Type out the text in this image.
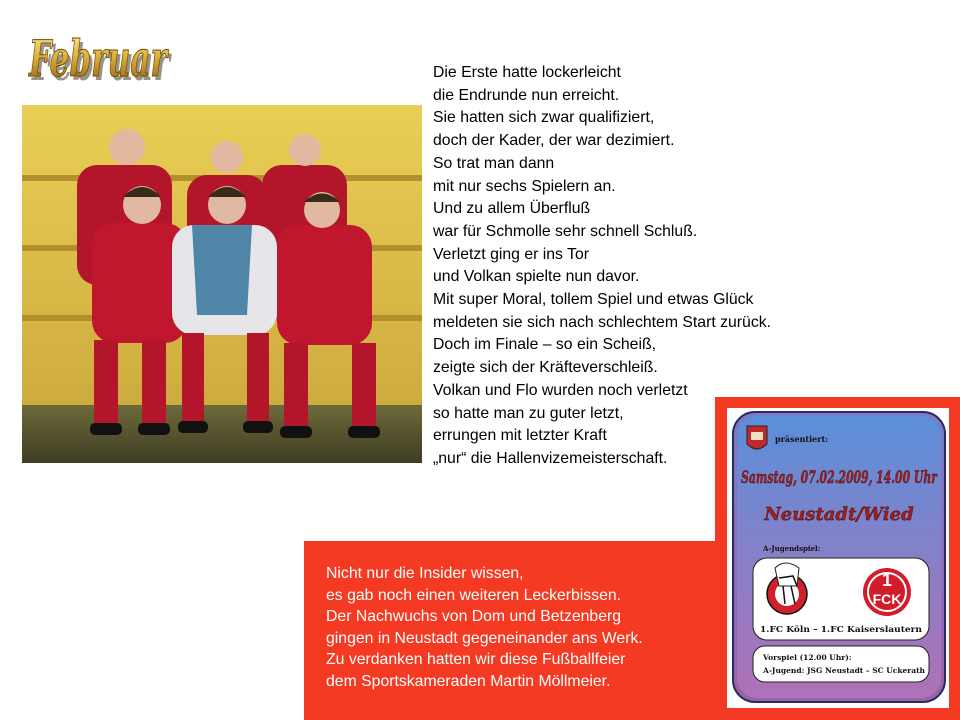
Februar
Februar	Die Erste hatte lockerleicht
die Endrunde nun erreicht.
Sie hatten sich zwar qualifiziert,
doch der Kader, der war dezimiert.
So trat man dann
mit nur sechs Spielern an.
Und zu allem Überfluß
war für Schmolle sehr schnell Schluß.
Verletzt ging er ins Tor
und Volkan spielte nun davor.
Mit super Moral, tollem Spiel und etwas Glück
meldeten sie sich nach schlechtem Start zurück.
Doch im Finale – so ein Scheiß,
zeigte sich der Kräfteverschleiß.
Volkan und Flo wurden noch verletzt
so hatte man zu guter letzt,
errungen mit letzter Kraft
„nur“ die Hallenvizemeisterschaft.
Nicht nur die Insider wissen,
es gab noch einen weiteren Leckerbissen.
Der Nachwuchs von Dom und Betzenberg
gingen in Neustadt gegeneinander ans Werk.
Zu verdanken hatten wir diese Fußballfeier
dem Sportskameraden Martin Möllmeier.
präsentiert:
Samstag, 07.02.2009, 14.00 Uhr
Neustadt/Wied
A-Jugendspiel:
1
FCK
1.FC Köln – 1.FC Kaiserslautern
Vorspiel (12.00 Uhr):
A-Jugend: JSG Neustadt – SC Uckerath
